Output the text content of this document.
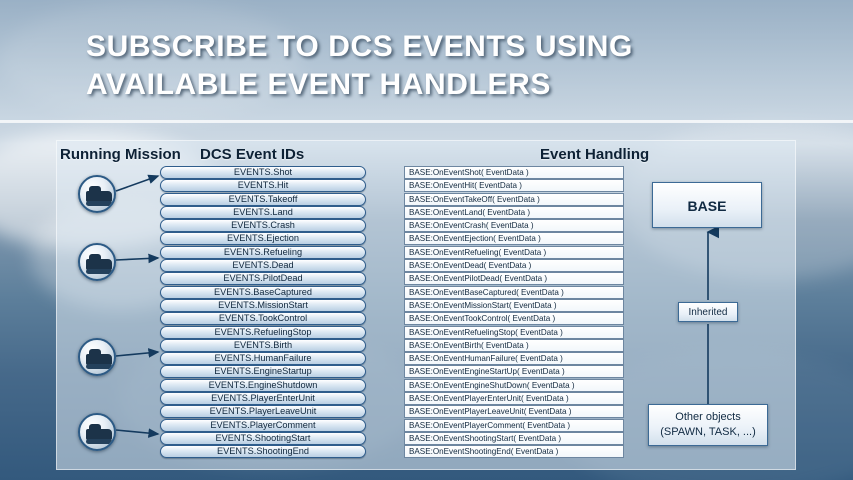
SUBSCRIBE TO DCS EVENTS USING AVAILABLE EVENT HANDLERS
Running Mission DCS Event IDs	Event Handling
EVENTS.Shot
EVENTS.Hit
EVENTS.Takeoff
EVENTS.Land
EVENTS.Crash
EVENTS.Ejection
EVENTS.Refueling
EVENTS.Dead
EVENTS.PilotDead
EVENTS.BaseCaptured
EVENTS.MissionStart
EVENTS.TookControl
EVENTS.RefuelingStop
EVENTS.Birth
EVENTS.HumanFailure
EVENTS.EngineStartup
EVENTS.EngineShutdown
EVENTS.PlayerEnterUnit
EVENTS.PlayerLeaveUnit
EVENTS.PlayerComment
EVENTS.ShootingStart
EVENTS.ShootingEnd
BASE:OnEventShot( EventData )
BASE:OnEventHit( EventData )
BASE:OnEventTakeOff( EventData )
BASE:OnEventLand( EventData )
BASE:OnEventCrash( EventData )
BASE:OnEventEjection( EventData )
BASE:OnEventRefueling( EventData )
BASE:OnEventDead( EventData )
BASE:OnEventPilotDead( EventData )
BASE:OnEventBaseCaptured( EventData )
BASE:OnEventMissionStart( EventData )
BASE:OnEventTookControl( EventData )
BASE:OnEventRefuelingStop( EventData )
BASE:OnEventBirth( EventData )
BASE:OnEventHumanFailure( EventData )
BASE:OnEventEngineStartUp( EventData )
BASE:OnEventEngineShutDown( EventData )
BASE:OnEventPlayerEnterUnit( EventData )
BASE:OnEventPlayerLeaveUnit( EventData )
BASE:OnEventPlayerComment( EventData )
BASE:OnEventShootingStart( EventData )
BASE:OnEventShootingEnd( EventData )
BASE
Inherited
Other objects
(SPAWN, TASK, ...)
